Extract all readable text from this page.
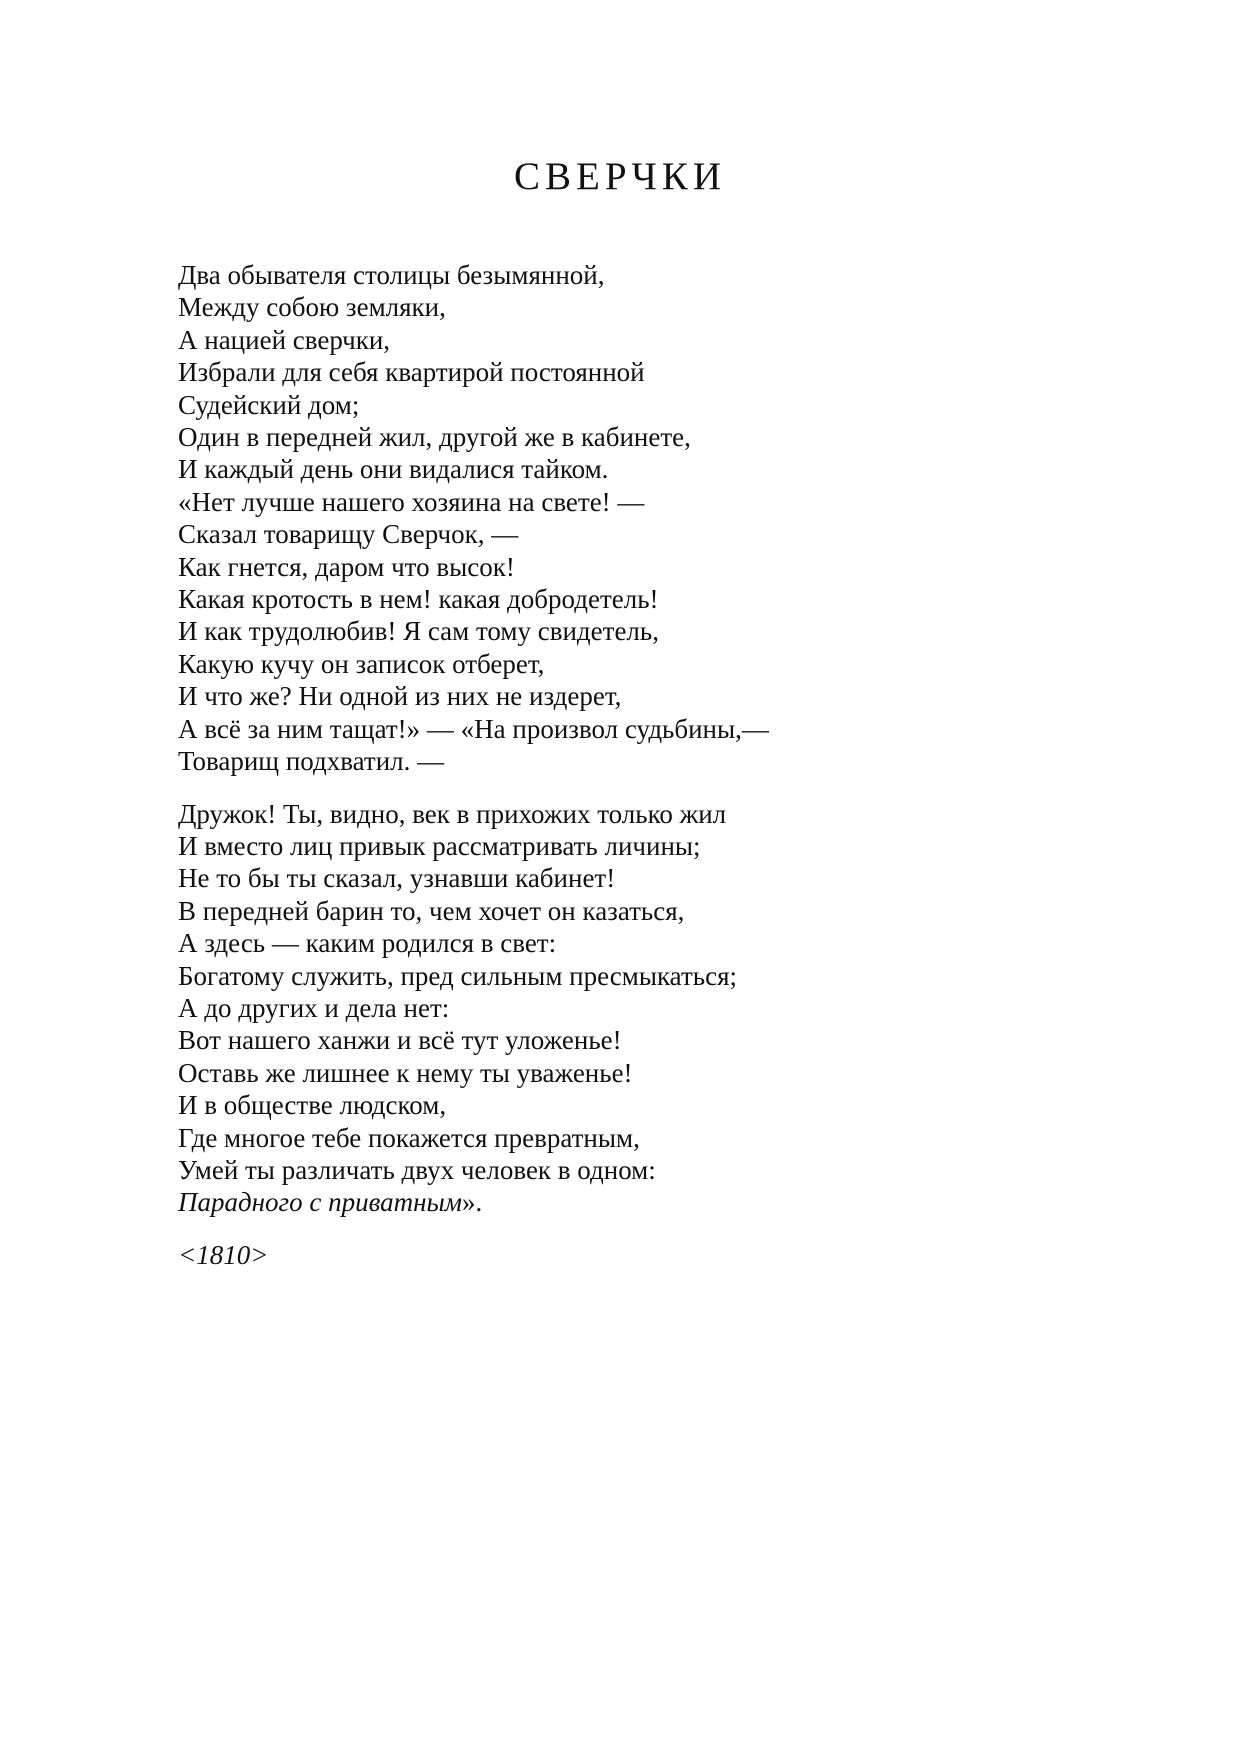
СВЕРЧКИ
Два обывателя столицы безымянной,
Между собою земляки,
А нацией сверчки,
Избрали для себя квартирой постоянной
Судейский дом;
Один в передней жил, другой же в кабинете,
И каждый день они видалися тайком.
«Нет лучше нашего хозяина на свете! —
Сказал товарищу Сверчок, —
Как гнется, даром что высок!
Какая кротость в нем! какая добродетель!
И как трудолюбив! Я сам тому свидетель,
Какую кучу он записок отберет,
И что же? Ни одной из них не издерет,
А всё за ним тащат!» — «На произвол судьбины,—
Товарищ подхватил. —
Дружок! Ты, видно, век в прихожих только жил
И вместо лиц привык рассматривать личины;
Не то бы ты сказал, узнавши кабинет!
В передней барин то, чем хочет он казаться,
А здесь — каким родился в свет:
Богатому служить, пред сильным пресмыкаться;
А до других и дела нет:
Вот нашего ханжи и всё тут уложенье!
Оставь же лишнее к нему ты уваженье!
И в обществе людском,
Где многое тебе покажется превратным,
Умей ты различать двух человек в одном:
Парадного с приватным».
<1810>
